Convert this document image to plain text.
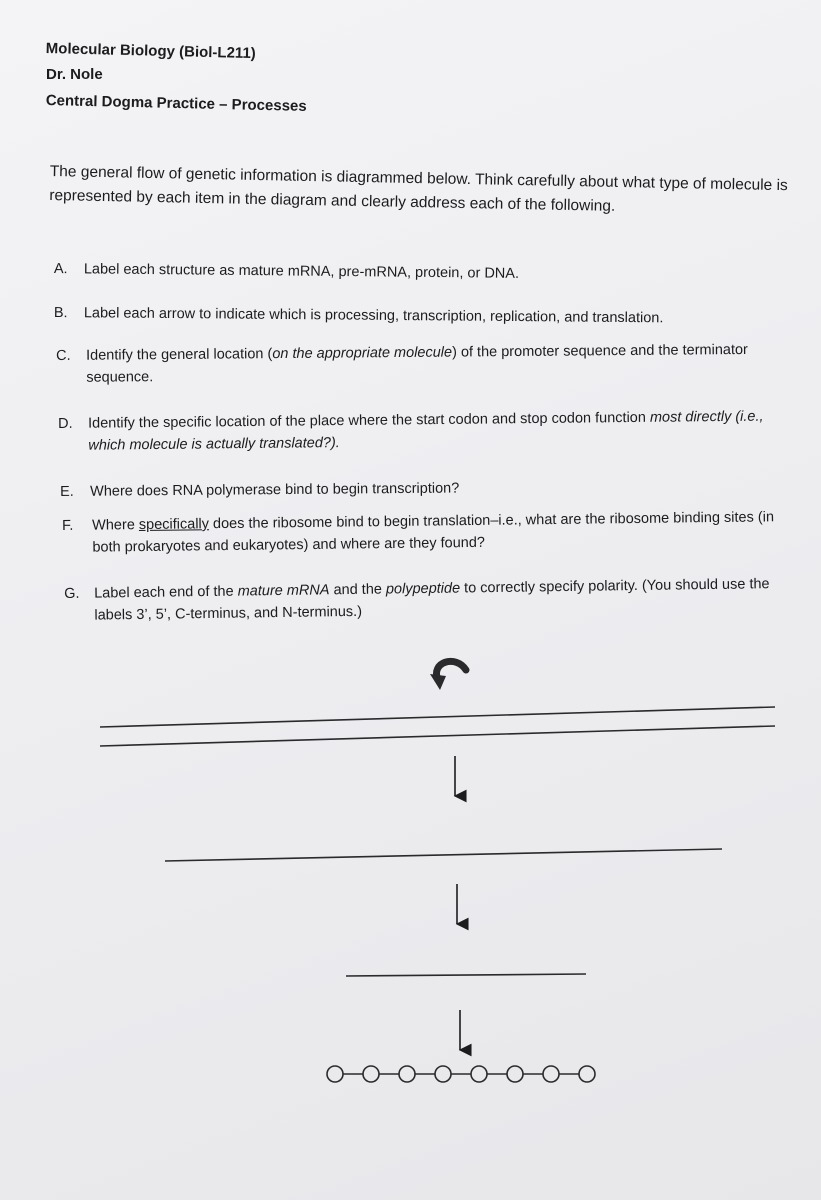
Molecular Biology (Biol-L211)
Dr. Nole
Central Dogma Practice – Processes
The general flow of genetic information is diagrammed below. Think carefully about what type of molecule is represented by each item in the diagram and clearly address each of the following.
A.	Label each structure as mature mRNA, pre-mRNA, protein, or DNA.
B.	Label each arrow to indicate which is processing, transcription, replication, and translation.
C.	Identify the general location (on the appropriate molecule) of the promoter sequence and the terminator sequence.
D.	Identify the specific location of the place where the start codon and stop codon function most directly (i.e., which molecule is actually translated?).
E.	Where does RNA polymerase bind to begin transcription?
F.	Where specifically does the ribosome bind to begin translation–i.e., what are the ribosome binding sites (in both prokaryotes and eukaryotes) and where are they found?
G. Label each end of the mature mRNA and the polypeptide to correctly specify polarity. (You should use the labels 3’, 5’, C-terminus, and N-terminus.)
